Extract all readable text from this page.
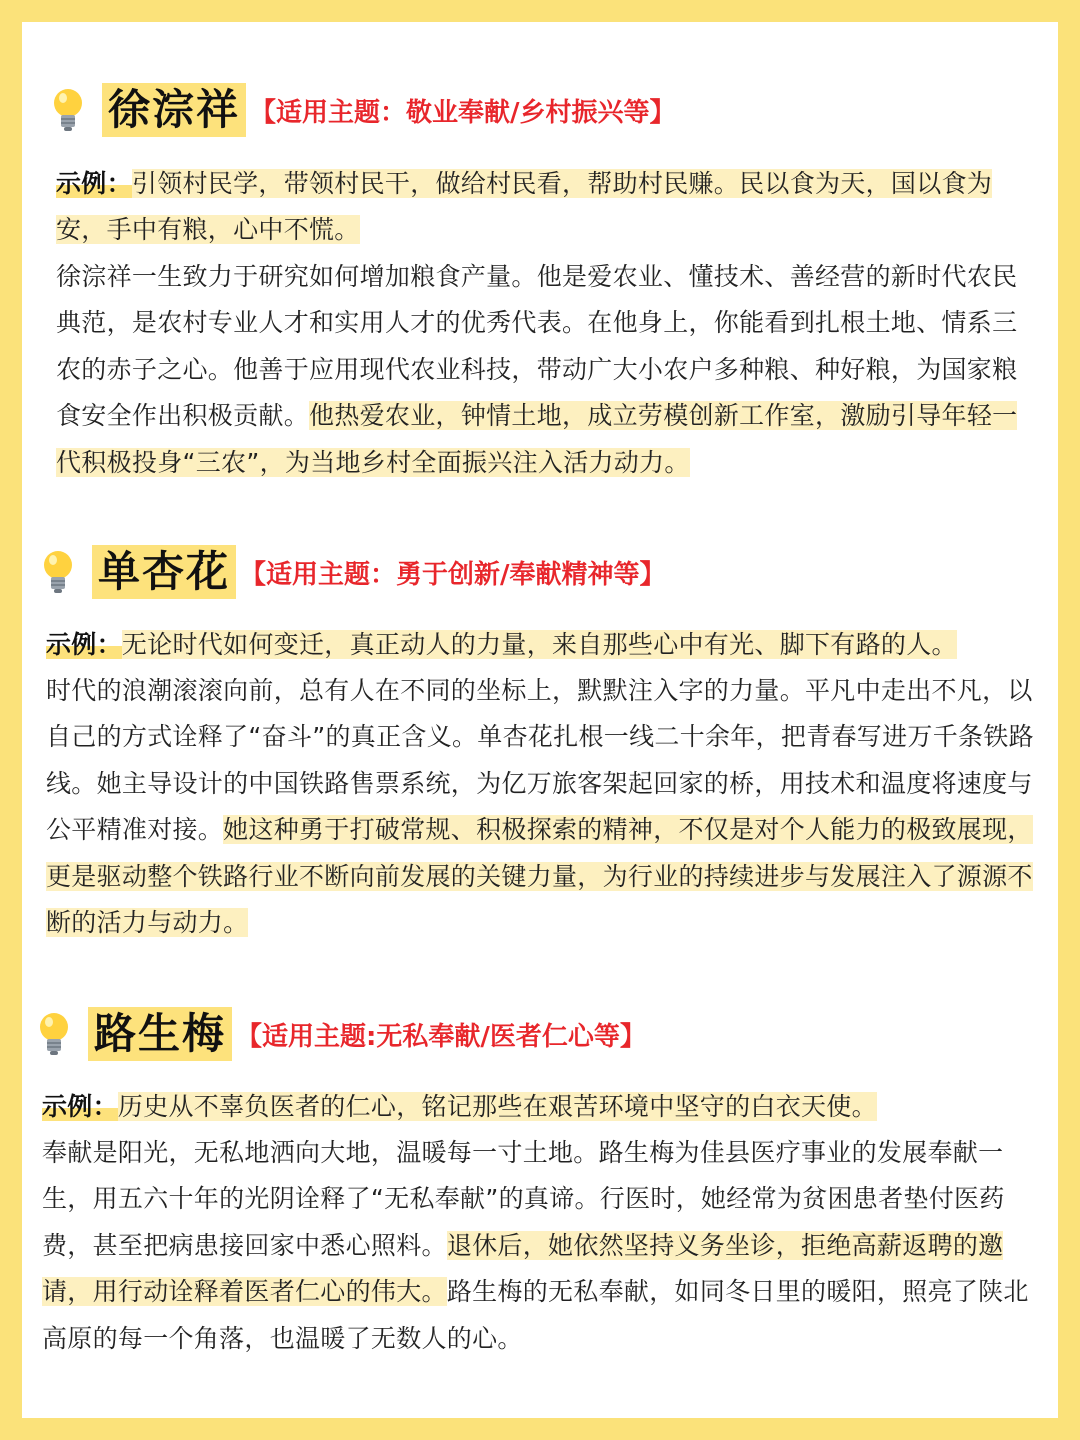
徐淙祥 【适用主题：敬业奉献/乡村振兴等】

示例：引领村民学，带领村民干，做给村民看，帮助村民赚。民以食为天，国以食为安，手中有粮，心中不慌。

徐淙祥一生致力于研究如何增加粮食产量。他是爱农业、懂技术、善经营的新时代农民典范，是农村专业人才和实用人才的优秀代表。在他身上，你能看到扎根土地、情系三农的赤子之心。他善于应用现代农业科技，带动广大小农户多种粮、种好粮，为国家粮食安全作出积极贡献。他热爱农业，钟情土地，成立劳模创新工作室，激励引导年轻一代积极投身“三农”，为当地乡村全面振兴注入活力动力。

单杏花 【适用主题：勇于创新/奉献精神等】

示例：无论时代如何变迁，真正动人的力量，来自那些心中有光、脚下有路的人。

时代的浪潮滚滚向前，总有人在不同的坐标上，默默注入字的力量。平凡中走出不凡，以自己的方式诠释了“奋斗”的真正含义。单杏花扎根一线二十余年，把青春写进万千条铁路线。她主导设计的中国铁路售票系统，为亿万旅客架起回家的桥，用技术和温度将速度与公平精准对接。她这种勇于打破常规、积极探索的精神，不仅是对个人能力的极致展现，更是驱动整个铁路行业不断向前发展的关键力量，为行业的持续进步与发展注入了源源不断的活力与动力。

路生梅 【适用主题:无私奉献/医者仁心等】

示例：历史从不辜负医者的仁心，铭记那些在艰苦环境中坚守的白衣天使。

奉献是阳光，无私地洒向大地，温暖每一寸土地。路生梅为佳县医疗事业的发展奉献一生，用五六十年的光阴诠释了“无私奉献”的真谛。行医时，她经常为贫困患者垫付医药费，甚至把病患接回家中悉心照料。退休后，她依然坚持义务坐诊，拒绝高薪返聘的邀请，用行动诠释着医者仁心的伟大。路生梅的无私奉献，如同冬日里的暖阳，照亮了陕北高原的每一个角落，也温暖了无数人的心。
